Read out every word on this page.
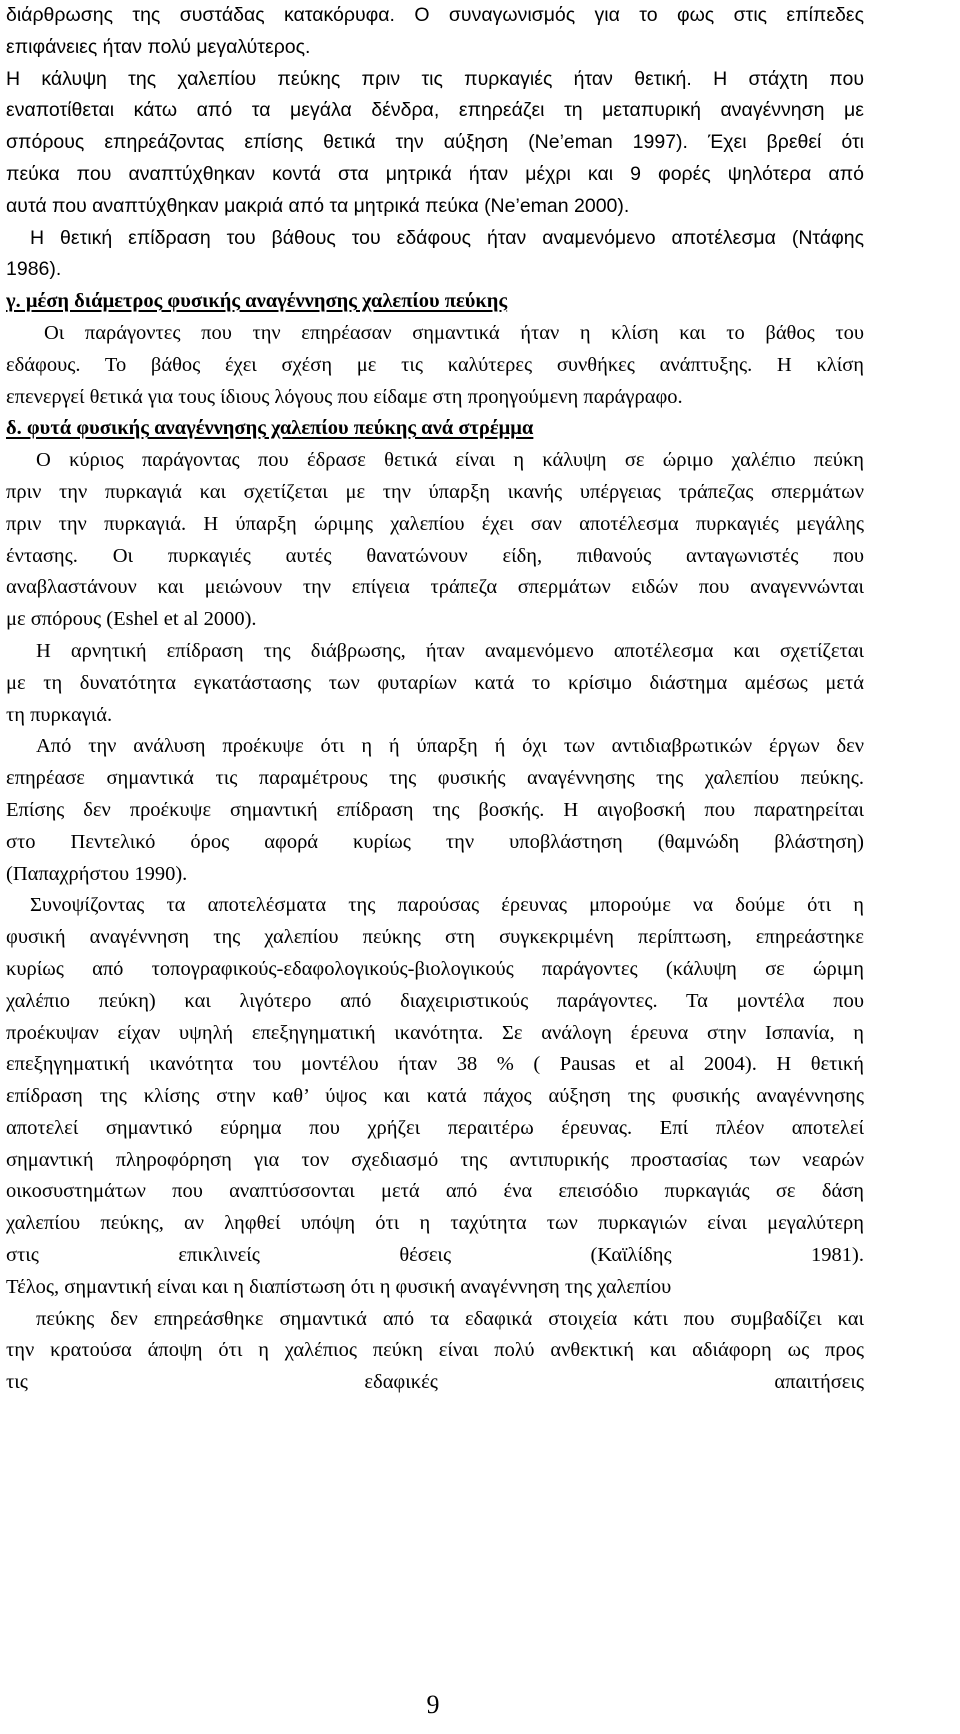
διάρθρωσης της συστάδας κατακόρυφα. Ο συναγωνισμός για το φως στις επίπεδες
επιφάνειες ήταν πολύ μεγαλύτερος.
Η κάλυψη της χαλεπίου πεύκης πριν τις πυρκαγιές ήταν θετική. Η στάχτη που
εναποτίθεται κάτω από τα μεγάλα δένδρα, επηρεάζει τη μεταπυρική αναγέννηση με
σπόρους επηρεάζοντας επίσης θετικά την αύξηση (Ne’eman 1997). Έχει βρεθεί ότι
πεύκα που αναπτύχθηκαν κοντά στα μητρικά ήταν μέχρι και 9 φορές ψηλότερα από
αυτά που αναπτύχθηκαν μακριά από τα μητρικά πεύκα (Ne’eman 2000).
Η θετική επίδραση του βάθους του εδάφους ήταν αναμενόμενο αποτέλεσμα (Ντάφης
1986).
γ. μέση διάμετρος φυσικής αναγέννησης χαλεπίου πεύκης
Οι παράγοντες που την επηρέασαν σημαντικά ήταν η κλίση και το βάθος του
εδάφους. Το βάθος έχει σχέση με τις καλύτερες συνθήκες ανάπτυξης. Η κλίση
επενεργεί θετικά για τους ίδιους λόγους που είδαμε στη προηγούμενη παράγραφο.
δ. φυτά φυσικής αναγέννησης χαλεπίου πεύκης ανά στρέμμα
Ο κύριος παράγοντας που έδρασε θετικά είναι η κάλυψη σε ώριμο χαλέπιο πεύκη
πριν την πυρκαγιά και σχετίζεται με την ύπαρξη ικανής υπέργειας τράπεζας σπερμάτων
πριν την πυρκαγιά. Η ύπαρξη ώριμης χαλεπίου έχει σαν αποτέλεσμα πυρκαγιές μεγάλης
έντασης. Οι πυρκαγιές αυτές θανατώνουν είδη, πιθανούς ανταγωνιστές που
αναβλαστάνουν και μειώνουν την επίγεια τράπεζα σπερμάτων ειδών που αναγεννώνται
με σπόρους (Eshel et al 2000).
Η αρνητική επίδραση της διάβρωσης, ήταν αναμενόμενο αποτέλεσμα και σχετίζεται
με τη δυνατότητα εγκατάστασης των φυταρίων κατά το κρίσιμο διάστημα αμέσως μετά
τη πυρκαγιά.
Από την ανάλυση προέκυψε ότι η ή ύπαρξη ή όχι των αντιδιαβρωτικών έργων δεν
επηρέασε σημαντικά τις παραμέτρους της φυσικής αναγέννησης της χαλεπίου πεύκης.
Επίσης δεν προέκυψε σημαντική επίδραση της βοσκής. Η αιγοβοσκή που παρατηρείται
στο Πεντελικό όρος αφορά κυρίως την υποβλάστηση (θαμνώδη βλάστηση)
(Παπαχρήστου 1990).
Συνοψίζοντας τα αποτελέσματα της παρούσας έρευνας μπορούμε να δούμε ότι η
φυσική αναγέννηση της χαλεπίου πεύκης στη συγκεκριμένη περίπτωση, επηρεάστηκε
κυρίως από τοπογραφικούς-εδαφολογικούς-βιολογικούς παράγοντες (κάλυψη σε ώριμη
χαλέπιο πεύκη) και λιγότερο από διαχειριστικούς παράγοντες. Τα μοντέλα που
προέκυψαν είχαν υψηλή επεξηγηματική ικανότητα. Σε ανάλογη έρευνα στην Ισπανία, η
επεξηγηματική ικανότητα του μοντέλου ήταν 38 % ( Pausas et al 2004). Η θετική
επίδραση της κλίσης στην καθ’ ύψος και κατά πάχος αύξηση της φυσικής αναγέννησης
αποτελεί σημαντικό εύρημα που χρήζει περαιτέρω έρευνας. Επί πλέον αποτελεί
σημαντική πληροφόρηση για τον σχεδιασμό της αντιπυρικής προστασίας των νεαρών
οικοσυστημάτων που αναπτύσσονται μετά από ένα επεισόδιο πυρκαγιάς σε δάση
χαλεπίου πεύκης, αν ληφθεί υπόψη ότι η ταχύτητα των πυρκαγιών είναι μεγαλύτερη
στις επικλινείς θέσεις (Καϊλίδης 1981).
Τέλος, σημαντική είναι και η διαπίστωση ότι η φυσική αναγέννηση της χαλεπίου
πεύκης δεν επηρεάσθηκε σημαντικά από τα εδαφικά στοιχεία κάτι που συμβαδίζει και
την κρατούσα άποψη ότι η χαλέπιος πεύκη είναι πολύ ανθεκτική και αδιάφορη ως προς
τις εδαφικές απαιτήσεις
9
